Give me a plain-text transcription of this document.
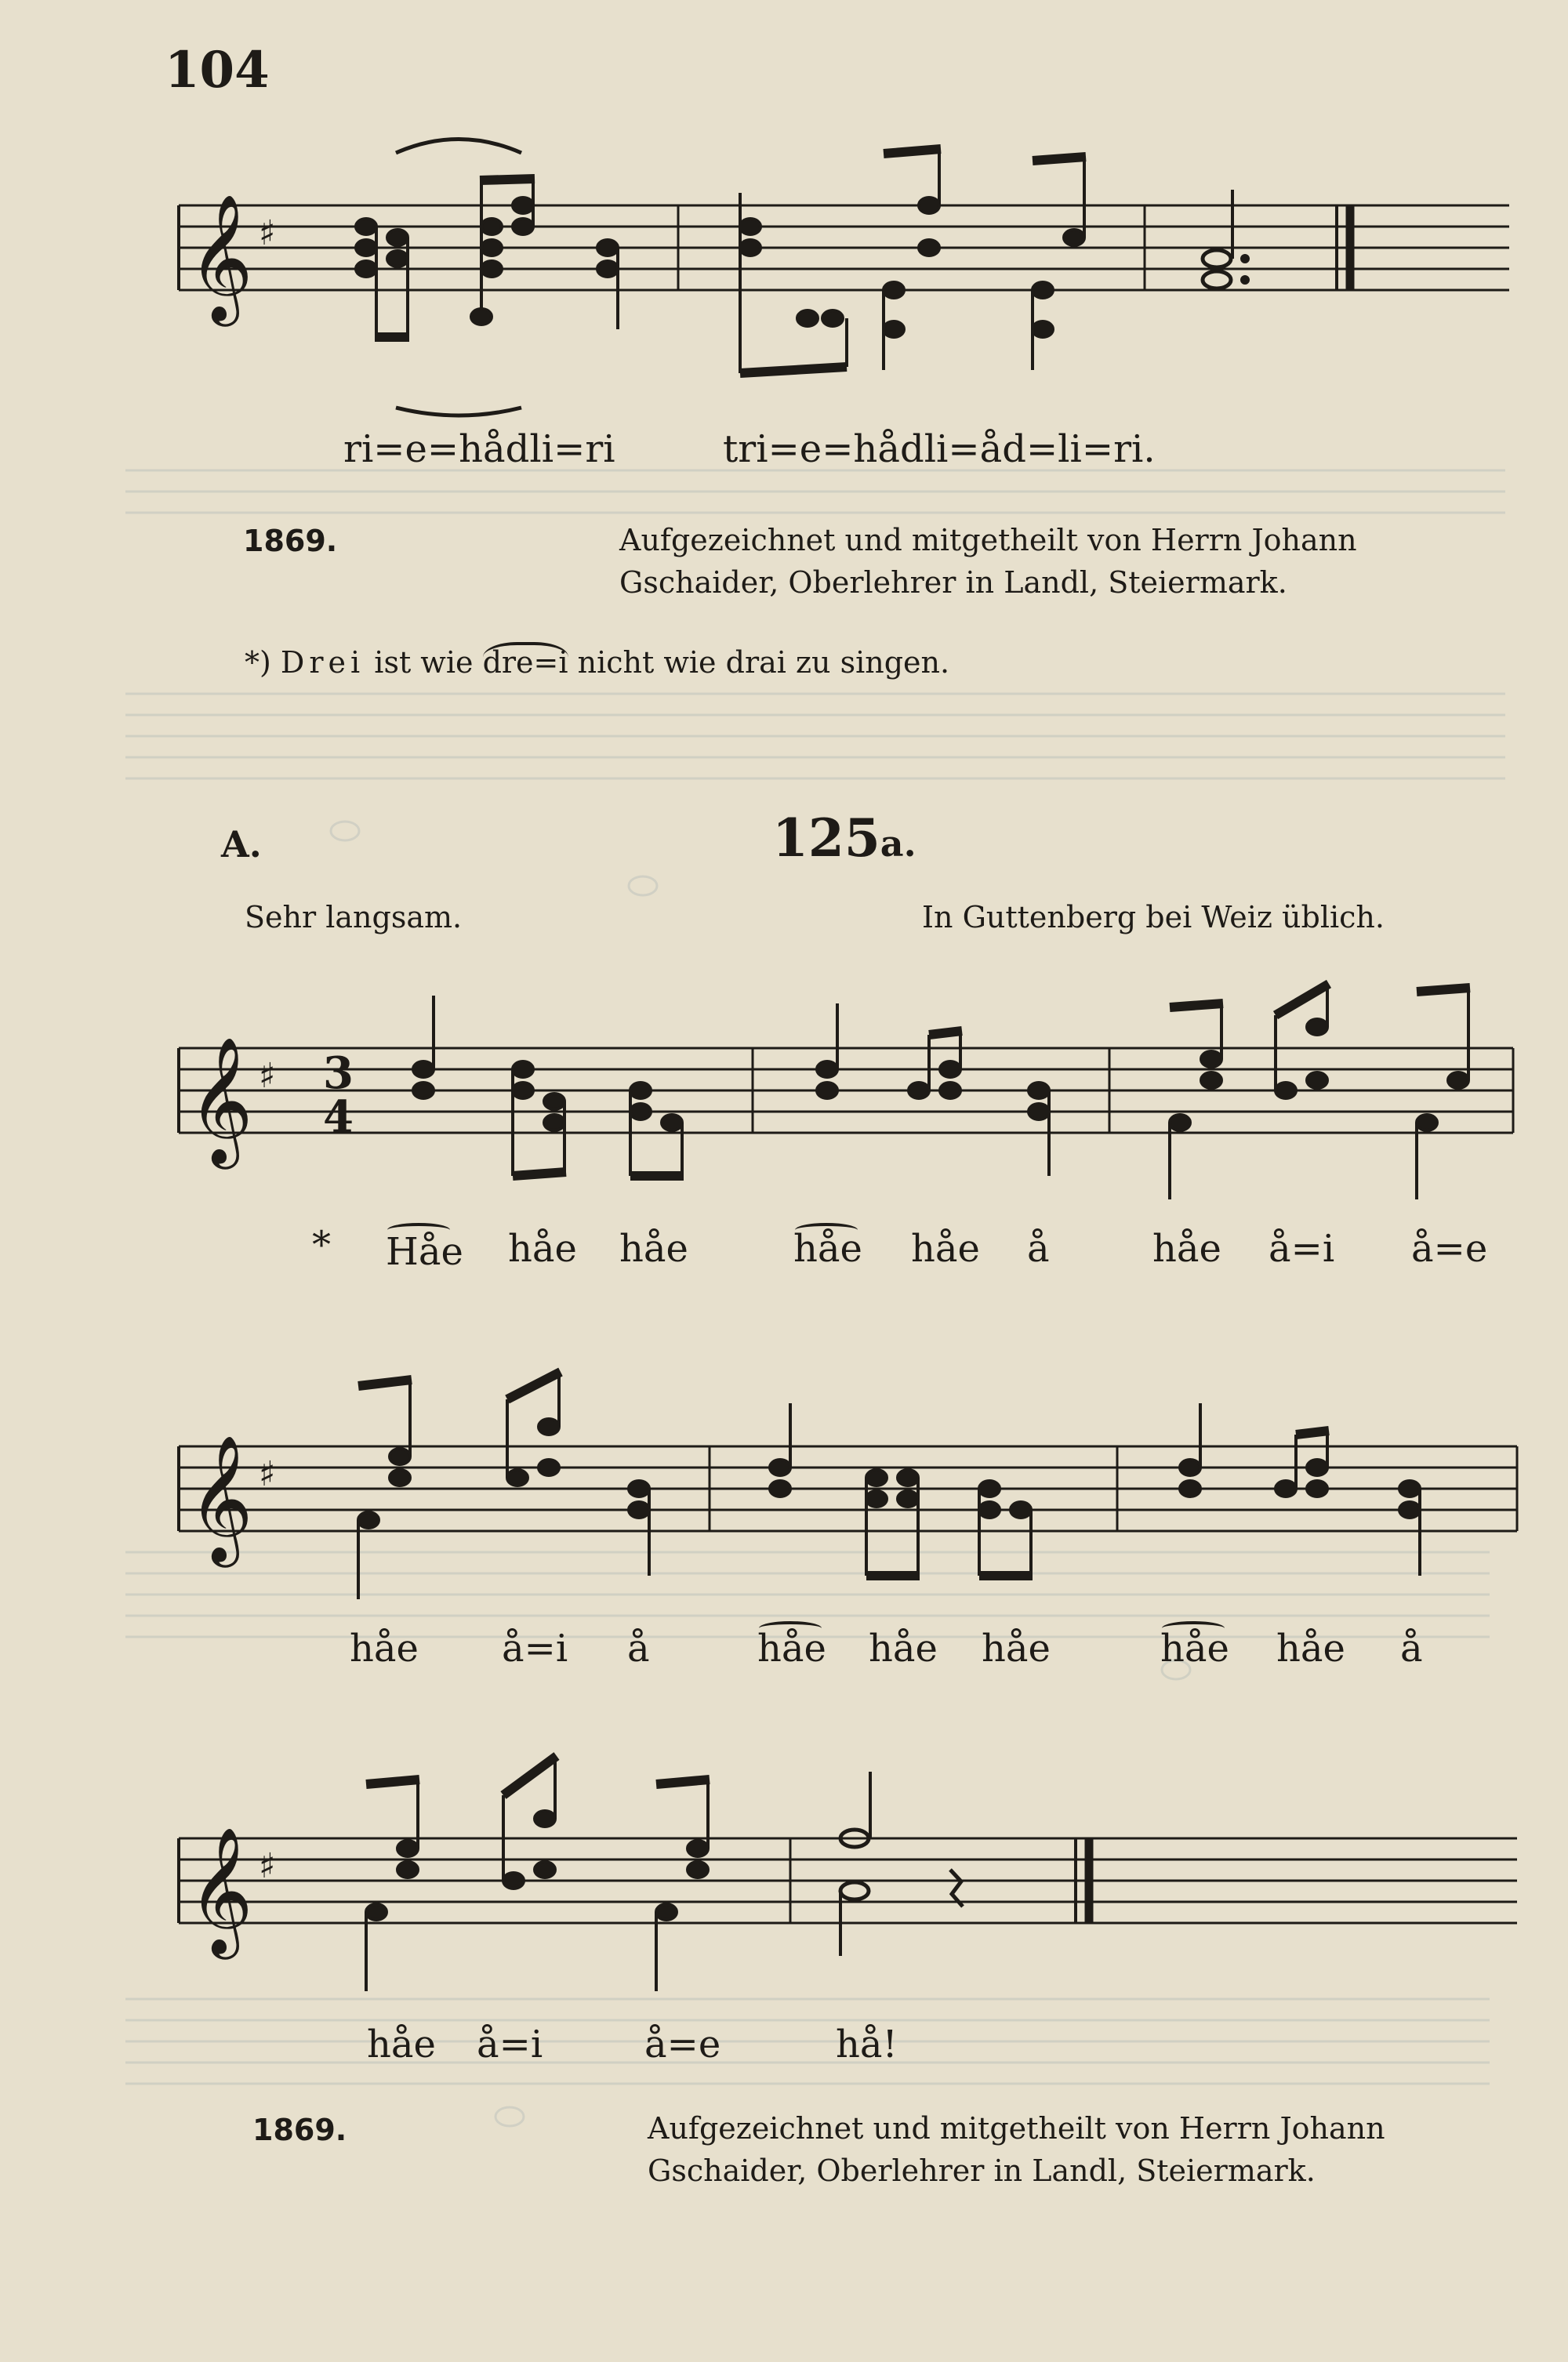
104
𝄞 ♯
ri=e=hådli=ri	tri=e=hådli=åd=li=ri.
1869.	Aufgezeichnet und mitgetheilt von Herrn Johann
Gschaider, Oberlehrer in Landl, Steiermark.
*) Drei ist wie dre=i nicht wie drai zu singen.
A.	125a.
Sehr langsam.	In Guttenberg bei Weiz üblich.
𝄞 ♯ 3
4
* Håe håe håe	håe håe å	håe å=i å=e
𝄞 ♯
håe å=i å	håe håe håe	håe håe å
𝄞 ♯
håe å=i	å=e	hå!
1869.	Aufgezeichnet und mitgetheilt von Herrn Johann
Gschaider, Oberlehrer in Landl, Steiermark.
